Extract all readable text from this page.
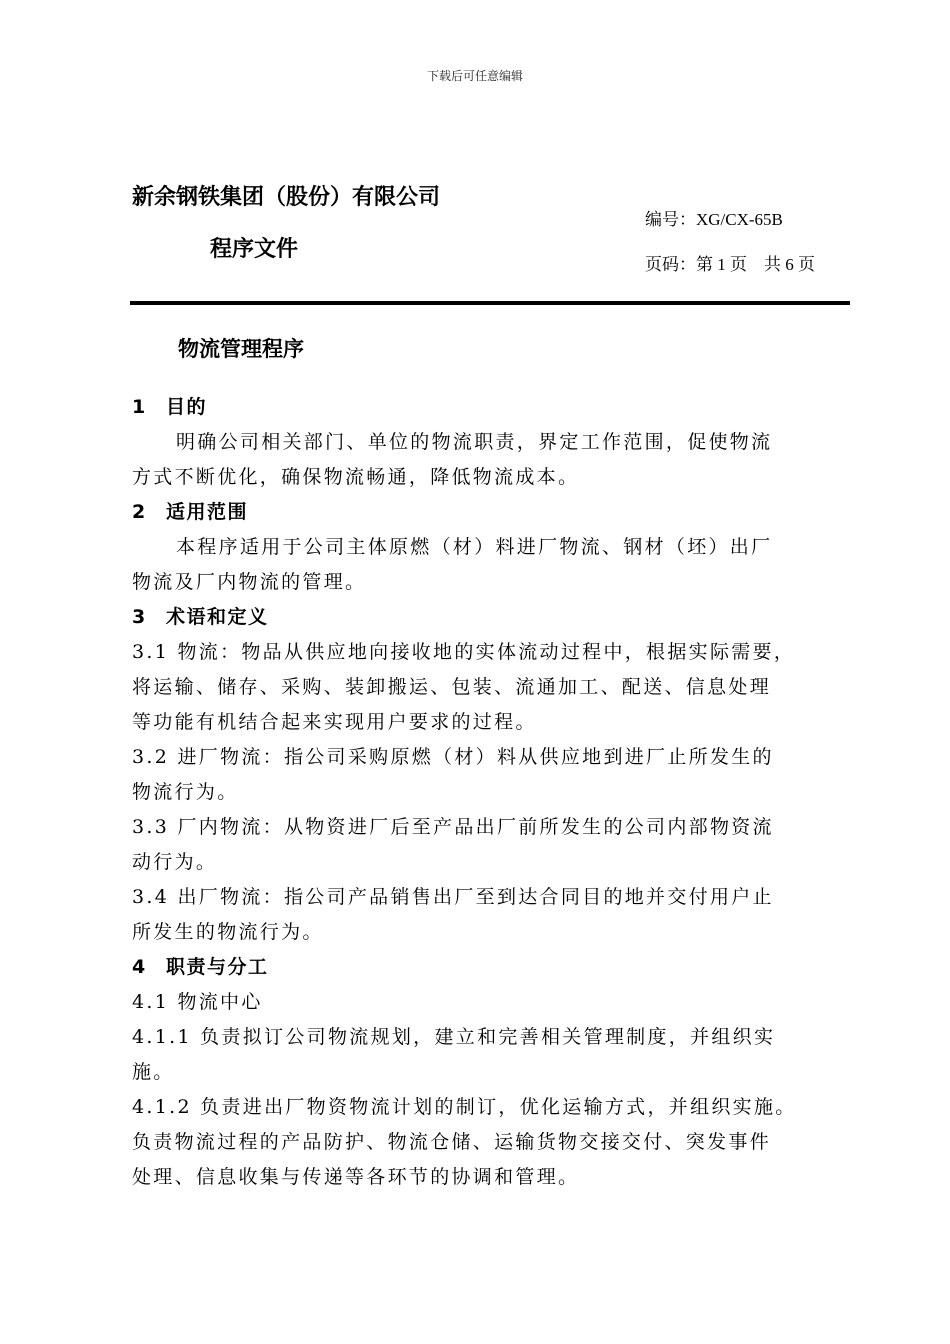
下载后可任意编辑
新余钢铁集团（股份）有限公司
程序文件
编号：XG/CX-65B
页码：第 1 页    共 6 页
物流管理程序
1 目的
明确公司相关部门、单位的物流职责，界定工作范围，促使物流
方式不断优化，确保物流畅通，降低物流成本。
2 适用范围
本程序适用于公司主体原燃（材）料进厂物流、钢材（坯）出厂
物流及厂内物流的管理。
3 术语和定义
3.1 物流：物品从供应地向接收地的实体流动过程中，根据实际需要，
将运输、储存、采购、装卸搬运、包装、流通加工、配送、信息处理
等功能有机结合起来实现用户要求的过程。
3.2 进厂物流：指公司采购原燃（材）料从供应地到进厂止所发生的
物流行为。
3.3 厂内物流：从物资进厂后至产品出厂前所发生的公司内部物资流
动行为。
3.4 出厂物流：指公司产品销售出厂至到达合同目的地并交付用户止
所发生的物流行为。
4 职责与分工
4.1 物流中心
4.1.1 负责拟订公司物流规划，建立和完善相关管理制度，并组织实
施。
4.1.2 负责进出厂物资物流计划的制订，优化运输方式，并组织实施。
负责物流过程的产品防护、物流仓储、运输货物交接交付、突发事件
处理、信息收集与传递等各环节的协调和管理。
